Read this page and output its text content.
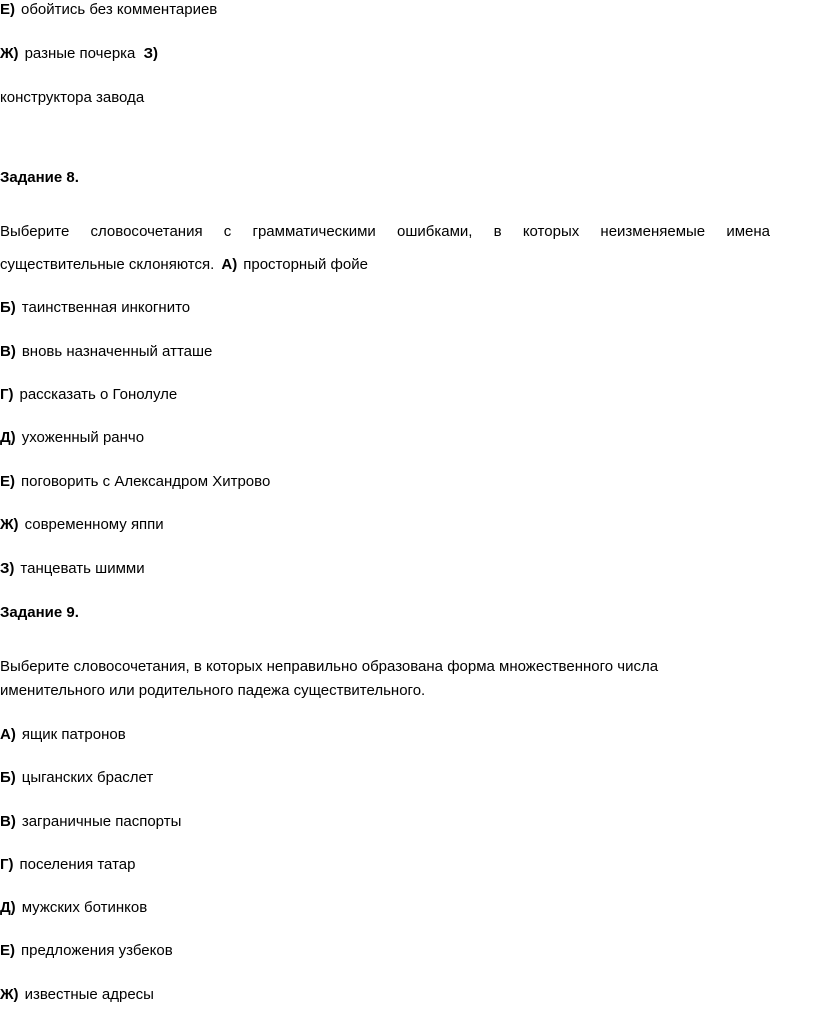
Е) обойтись без комментариев
Ж) разные почерка З)
конструктора завода
Задание 8.
Выберите словосочетания с грамматическими ошибками, в которых неизменяемые имена
существительные склоняются. А) просторный фойе
Б) таинственная инкогнито
В) вновь назначенный атташе
Г) рассказать о Гонолуле
Д) ухоженный ранчо
Е) поговорить с Александром Хитрово
Ж) современному яппи
З) танцевать шимми
Задание 9.
Выберите словосочетания, в которых неправильно образована форма множественного числа
именительного или родительного падежа существительного.
А) ящик патронов
Б) цыганских браслет
В) заграничные паспорты
Г) поселения татар
Д) мужских ботинков
Е) предложения узбеков
Ж) известные адресы
